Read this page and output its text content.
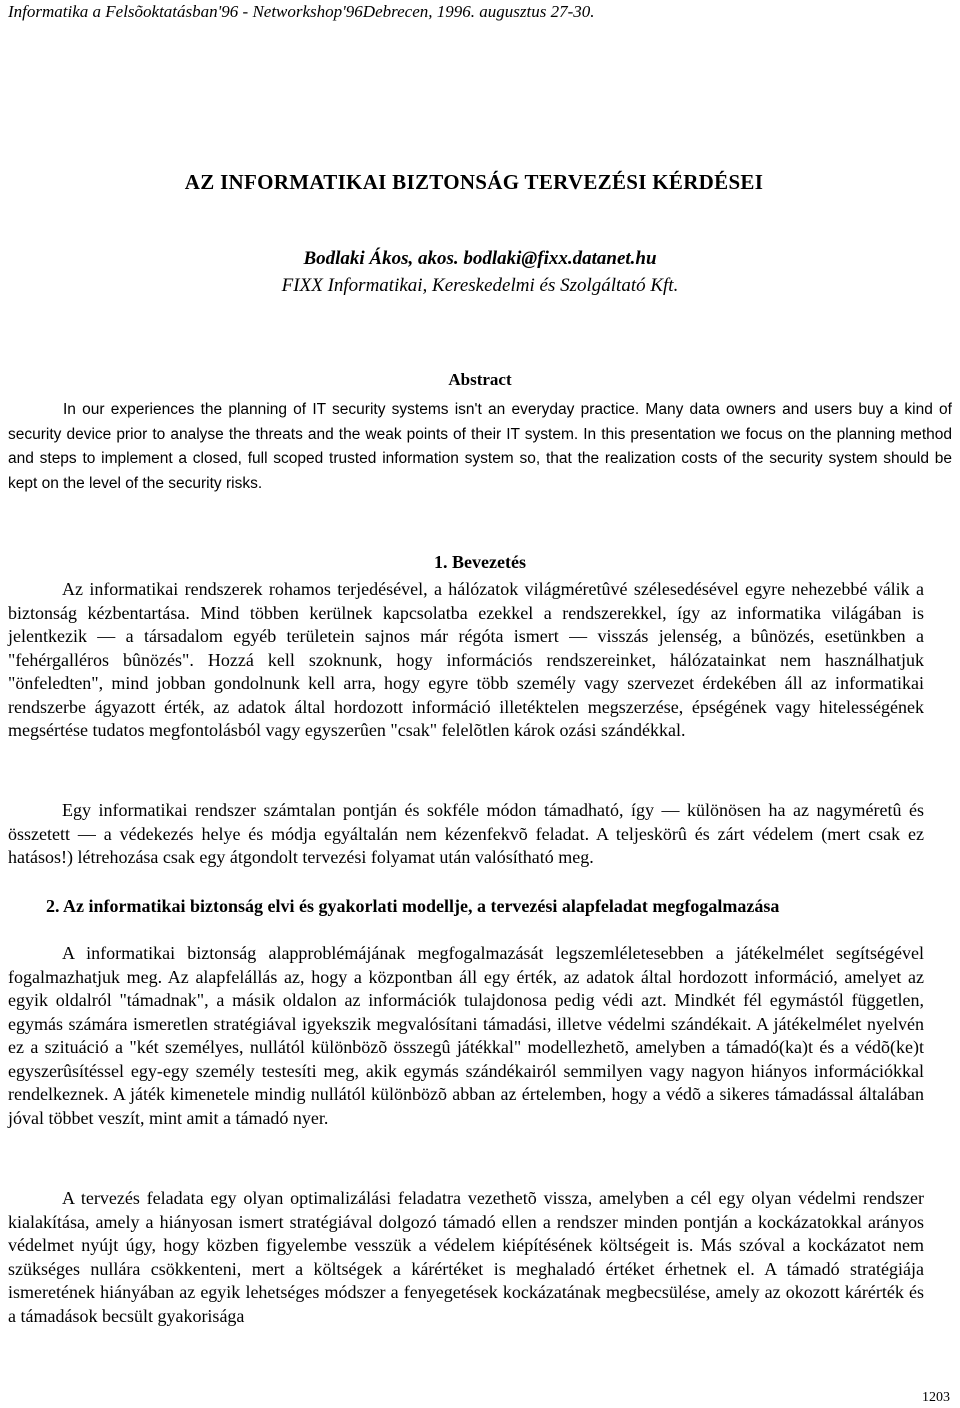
Informatika a Felsõoktatásbanʹ96 - Networkshopʹ96Debrecen, 1996. augusztus 27-30.
AZ INFORMATIKAI BIZTONSÁG TERVEZÉSI KÉRDÉSEI
Bodlaki Ákos, akos. bodlaki@fixx.datanet.hu
FIXX Informatikai, Kereskedelmi és Szolgáltató Kft.
Abstract
In our experiences the planning of IT security systems isn't an everyday practice. Many data owners and users buy a kind of security device prior to analyse the threats and the weak points of their IT system. In this presentation we focus on the planning method and steps to implement a closed, full scoped trusted information system so, that the realization costs of the security system should be kept on the level of the security risks.
1. Bevezetés
Az informatikai rendszerek rohamos terjedésével, a hálózatok világméretûvé szélesedésével egyre nehezebbé válik a biztonság kézbentartása. Mind többen kerülnek kapcsolatba ezekkel a rendszerekkel, így az informatika világában is jelentkezik — a társadalom egyéb területein sajnos már régóta ismert — visszás jelenség, a bûnözés, esetünkben a "fehérgalléros bûnözés". Hozzá kell szoknunk, hogy információs rendszereinket, hálózatainkat nem használhatjuk "önfeledten", mind jobban gondolnunk kell arra, hogy egyre több személy vagy szervezet érdekében áll az informatikai rendszerbe ágyazott érték, az adatok által hordozott információ illetéktelen megszerzése, épségének vagy hitelességének megsértése tudatos megfontolásból vagy egyszerûen "csak" felelõtlen károk ozási szándékkal.
Egy informatikai rendszer számtalan pontján és sokféle módon támadható, így — különösen ha az nagyméretû és összetett — a védekezés helye és módja egyáltalán nem kézenfekvõ feladat. A teljeskörû és zárt védelem (mert csak ez hatásos!) létrehozása csak egy átgondolt tervezési folyamat után valósítható meg.
2. Az informatikai biztonság elvi és gyakorlati modellje, a tervezési alapfeladat megfogalmazása
A informatikai biztonság alapproblémájának megfogalmazását legszemléletesebben a játékelmélet segítségével fogalmazhatjuk meg. Az alapfelállás az, hogy a központban áll egy érték, az adatok által hordozott információ, amelyet az egyik oldalról "támadnak", a másik oldalon az információk tulajdonosa pedig védi azt. Mindkét fél egymástól független, egymás számára ismeretlen stratégiával igyekszik megvalósítani támadási, illetve védelmi szándékait. A játékelmélet nyelvén ez a szituáció a "két személyes, nullától különbözõ összegû játékkal" modellezhetõ, amelyben a támadó(ka)t és a védõ(ke)t egyszerûsítéssel egy-egy személy testesíti meg, akik egymás szándékairól semmilyen vagy nagyon hiányos információkkal rendelkeznek. A játék kimenetele mindig nullától különbözõ abban az értelemben, hogy a védõ a sikeres támadással általában jóval többet veszít, mint amit a támadó nyer.
A tervezés feladata egy olyan optimalizálási feladatra vezethetõ vissza, amelyben a cél egy olyan védelmi rendszer kialakítása, amely a hiányosan ismert stratégiával dolgozó támadó ellen a rendszer minden pontján a kockázatokkal arányos védelmet nyújt úgy, hogy közben figyelembe vesszük a védelem kiépítésének költségeit is. Más szóval a kockázatot nem szükséges nullára csökkenteni, mert a költségek a kárértéket is meghaladó értéket érhetnek el. A támadó stratégiája ismeretének hiányában az egyik lehetséges módszer a fenyegetések kockázatának megbecsülése, amely az okozott kárérték és a támadások becsült gyakorisága
1203
